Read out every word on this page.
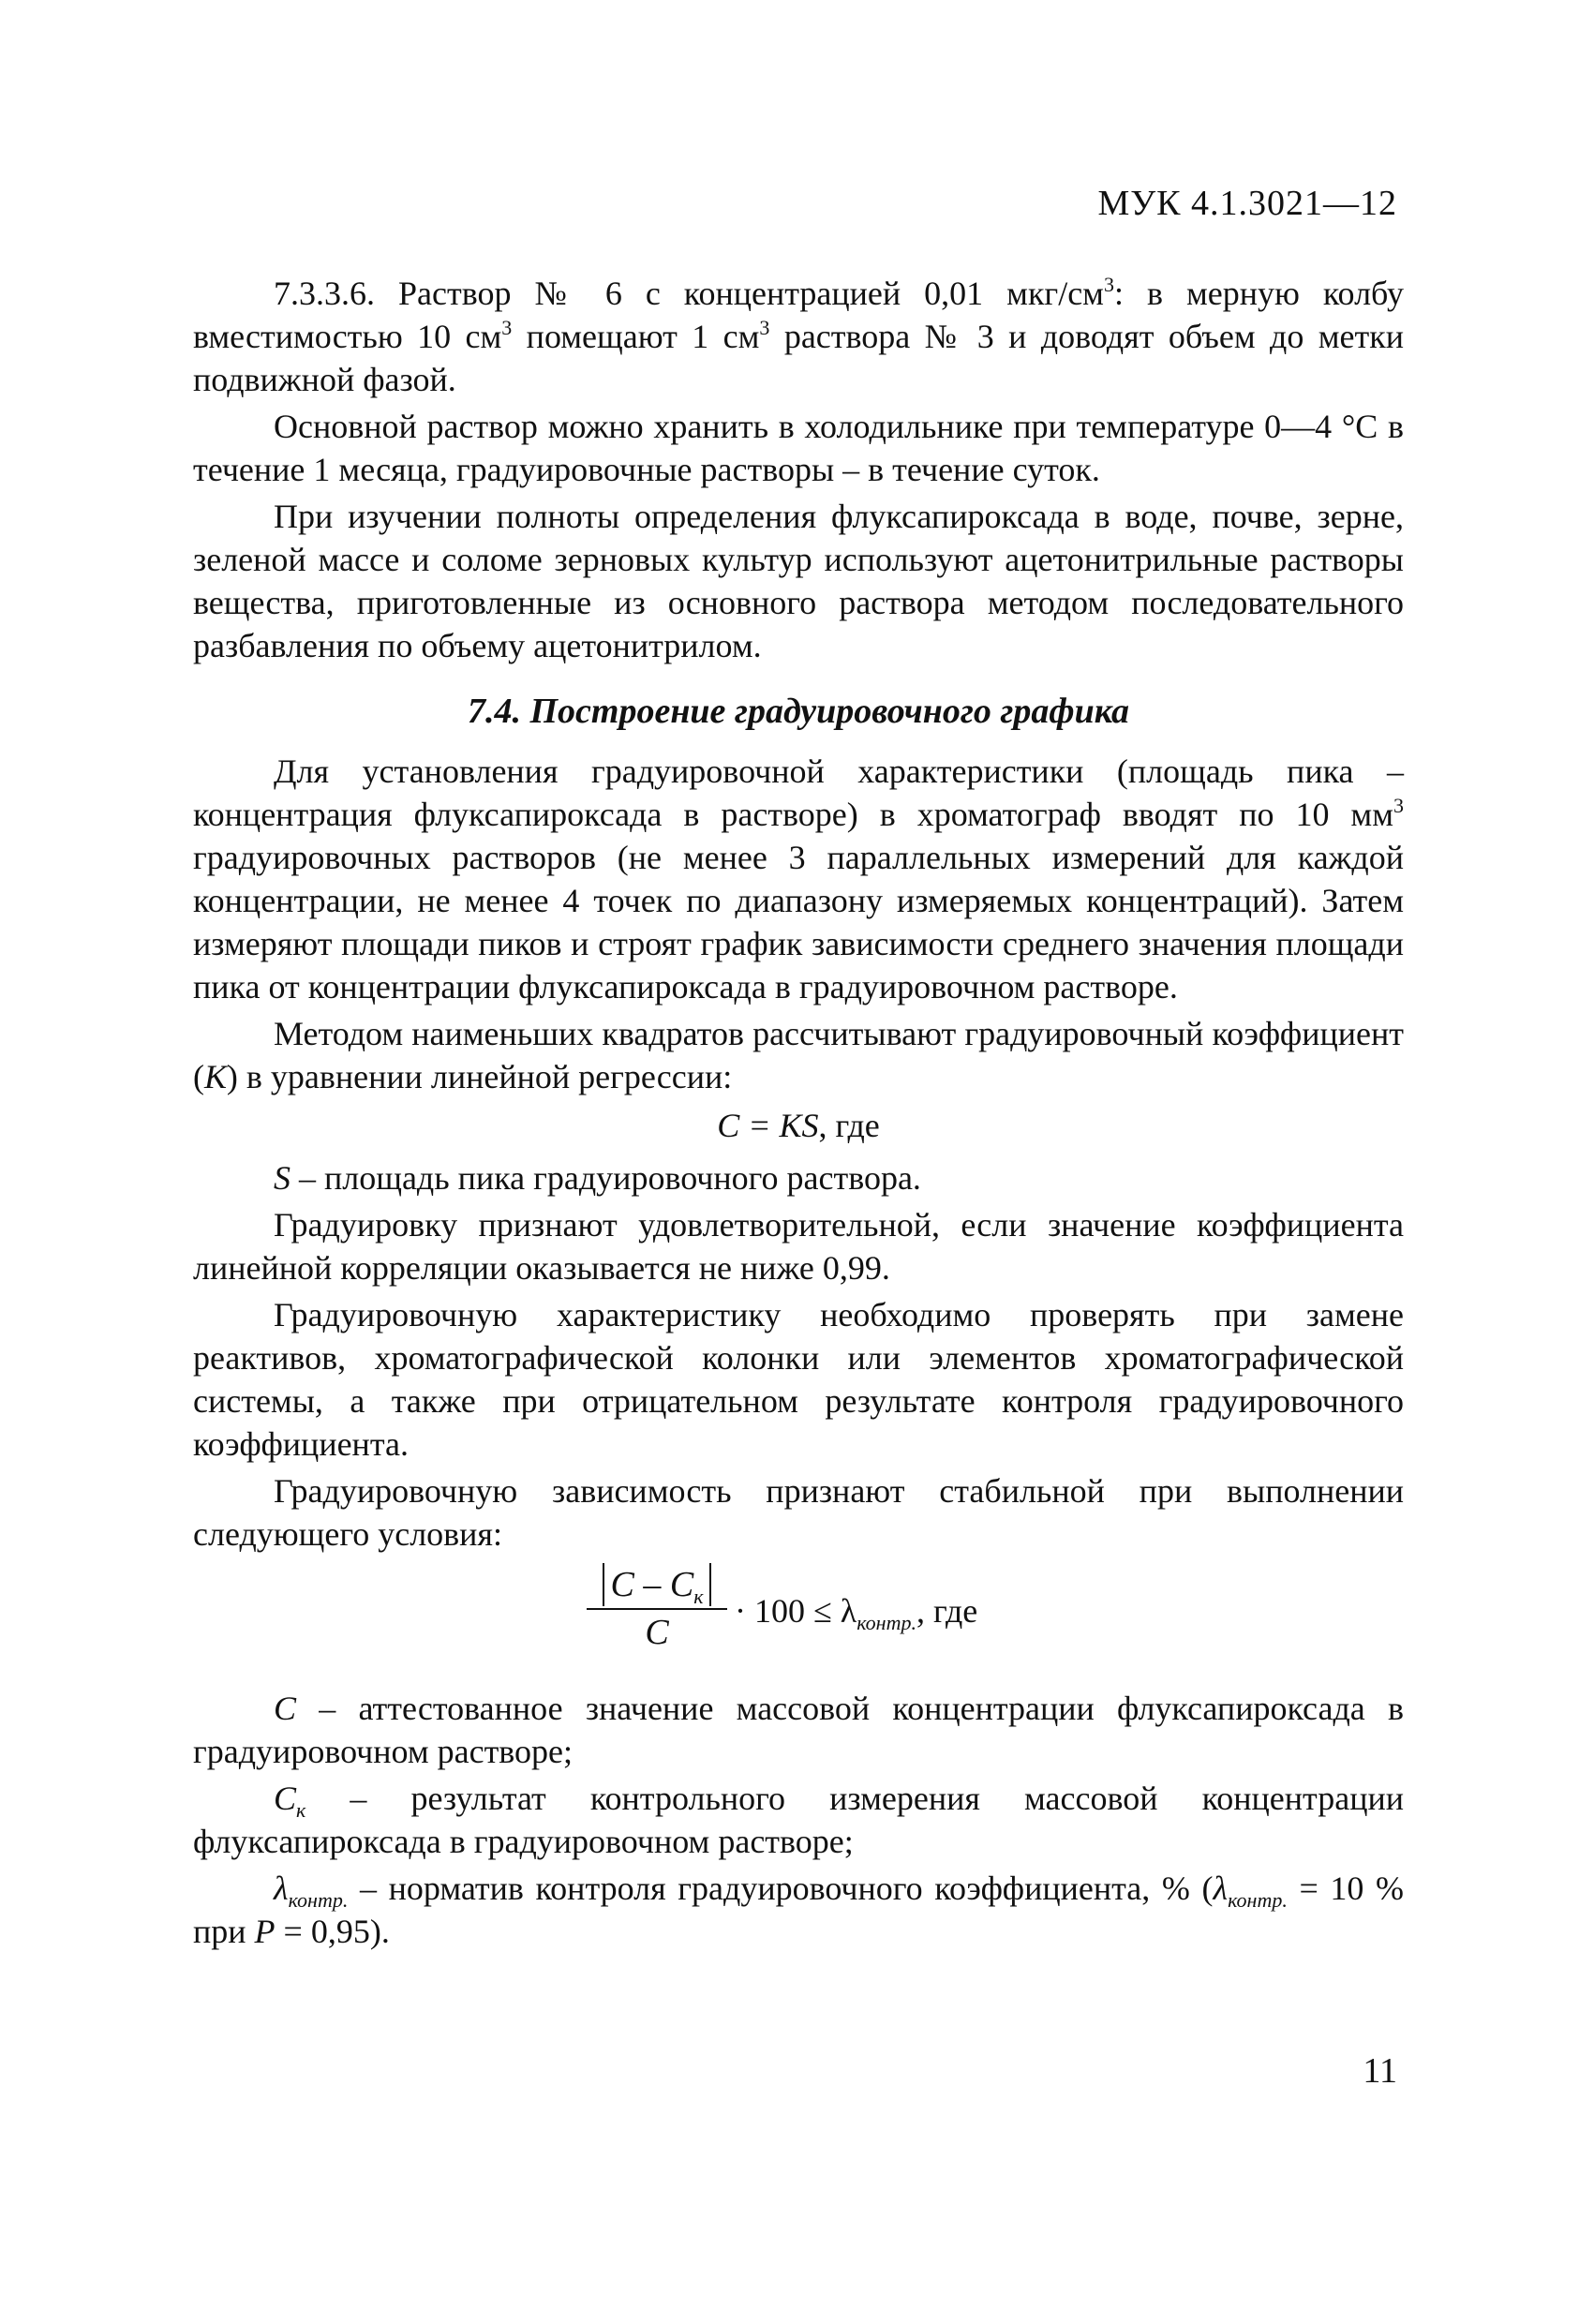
МУК 4.1.3021—12

7.3.3.6. Раствор № 6 с концентрацией 0,01 мкг/$см^3$: в мерную колбу вместимостью 10 $см^3$ помещают 1 $см^3$ раствора № 3 и доводят объем до метки подвижной фазой.

Основной раствор можно хранить в холодильнике при температуре 0—4 °С в течение 1 месяца, градуировочные растворы – в течение суток.

При изучении полноты определения флуксапироксада в воде, почве, зерне, зеленой массе и соломе зерновых культур используют ацетонитрильные растворы вещества, приготовленные из основного раствора методом последовательного разбавления по объему ацетонитрилом.

7.4. Построение градуировочного графика

Для установления градуировочной характеристики (площадь пика – концентрация флуксапироксада в растворе) в хроматограф вводят по 10 $мм^3$ градуировочных растворов (не менее 3 параллельных измерений для каждой концентрации, не менее 4 точек по диапазону измеряемых концентраций). Затем измеряют площади пиков и строят график зависимости среднего значения площади пика от концентрации флуксапироксада в градуировочном растворе.

Методом наименьших квадратов рассчитывают градуировочный коэффициент (К) в уравнении линейной регрессии:

С = KS, где

S – площадь пика градуировочного раствора.

Градуировку признают удовлетворительной, если значение коэффициента линейной корреляции оказывается не ниже 0,99.

Градуировочную характеристику необходимо проверять при замене реактивов, хроматографической колонки или элементов хроматографической системы, а также при отрицательном результате контроля градуировочного коэффициента.

Градуировочную зависимость признают стабильной при выполнении следующего условия:

С – $С_к$
С
· $100 \le \lambda_{контр.}$, где

С – аттестованное значение массовой концентрации флуксапироксада в градуировочном растворе;

$С_к$ – результат контрольного измерения массовой концентрации флуксапироксада в градуировочном растворе;

$\lambda_{контр.}$ – норматив контроля градуировочного коэффициента, % ($\lambda_{контр.} = 10$ % при Р = 0,95).

11
